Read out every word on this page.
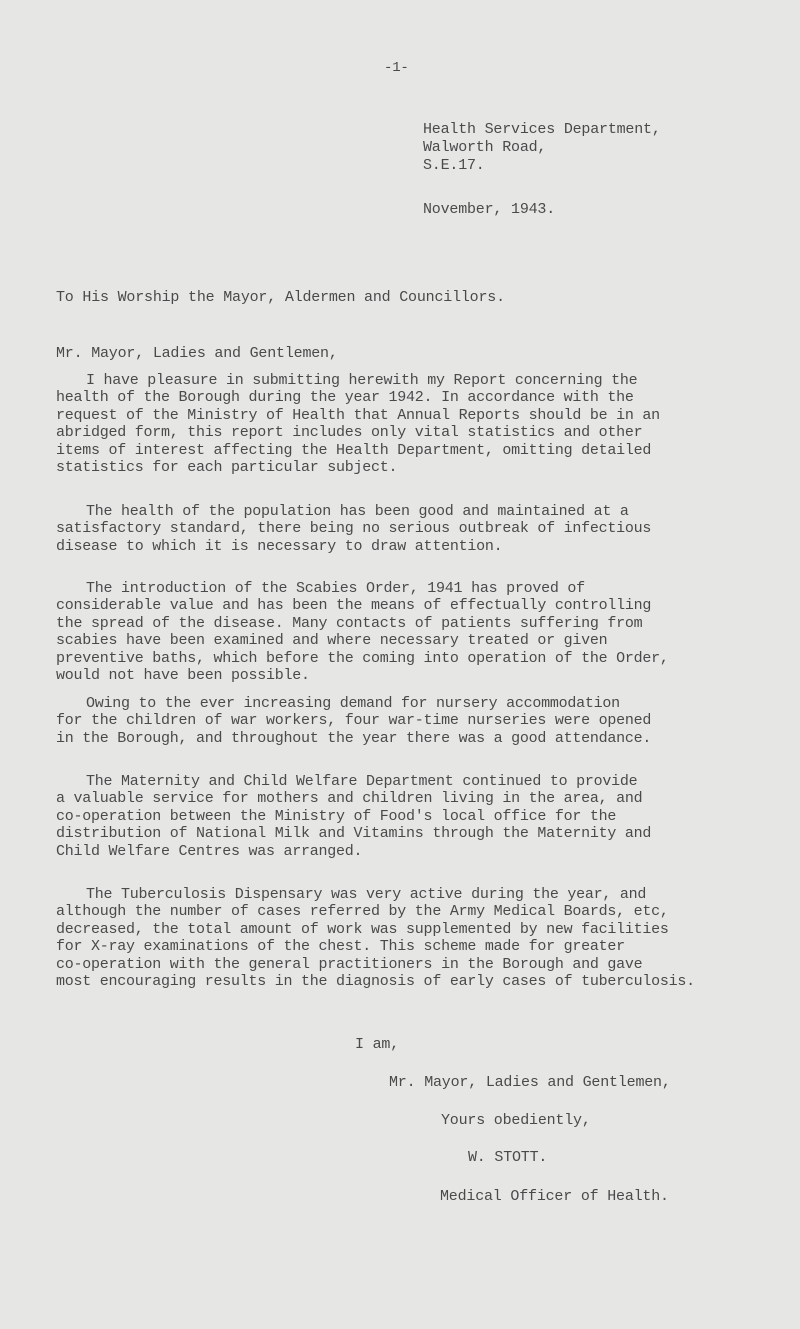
-1-
Health Services Department,
Walworth Road,
S.E.17.
November, 1943.
To His Worship the Mayor, Aldermen and Councillors.
Mr. Mayor, Ladies and Gentlemen,
I have pleasure in submitting herewith my Report concerning the
health of the Borough during the year 1942. In accordance with the
request of the Ministry of Health that Annual Reports should be in an
abridged form, this report includes only vital statistics and other
items of interest affecting the Health Department, omitting detailed
statistics for each particular subject.
The health of the population has been good and maintained at a
satisfactory standard, there being no serious outbreak of infectious
disease to which it is necessary to draw attention.
The introduction of the Scabies Order, 1941 has proved of
considerable value and has been the means of effectually controlling
the spread of the disease. Many contacts of patients suffering from
scabies have been examined and where necessary treated or given
preventive baths, which before the coming into operation of the Order,
would not have been possible.
Owing to the ever increasing demand for nursery accommodation
for the children of war workers, four war-time nurseries were opened
in the Borough, and throughout the year there was a good attendance.
The Maternity and Child Welfare Department continued to provide
a valuable service for mothers and children living in the area, and
co-operation between the Ministry of Food's local office for the
distribution of National Milk and Vitamins through the Maternity and
Child Welfare Centres was arranged.
The Tuberculosis Dispensary was very active during the year, and
although the number of cases referred by the Army Medical Boards, etc,
decreased, the total amount of work was supplemented by new facilities
for X-ray examinations of the chest. This scheme made for greater
co-operation with the general practitioners in the Borough and gave
most encouraging results in the diagnosis of early cases of tuberculosis.
I am,
Mr. Mayor, Ladies and Gentlemen,
Yours obediently,
W. STOTT.
Medical Officer of Health.
